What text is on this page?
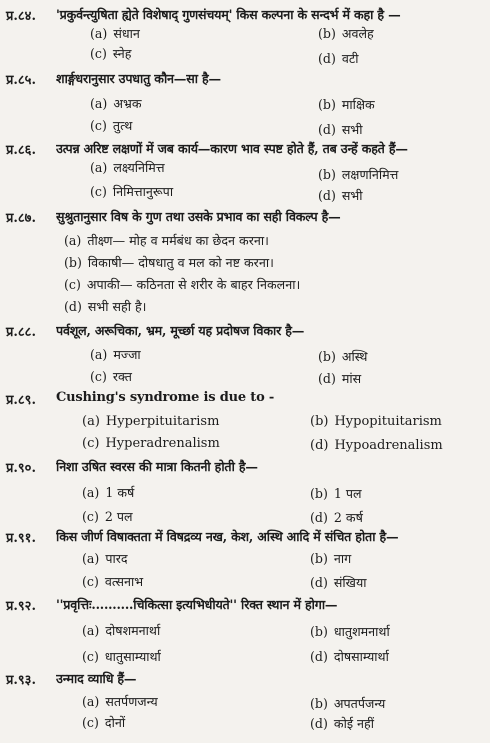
प्र.८४. 'प्रकुर्वन्त्युषिता ह्येते विशेषाद् गुणसंचयम्' किस कल्पना के सन्दर्भ में कहा है —
(a) संधान	(b) अवलेह
(c) स्नेह	(d) वटी
प्र.८५. शार्ङ्गधरानुसार उपधातु कौन—सा है—
(a) अभ्रक	(b) माक्षिक
(c) तुत्थ	(d) सभी
प्र.८६. उत्पन्न अरिष्ट लक्षणों में जब कार्य—कारण भाव स्पष्ट होते हैं, तब उन्हें कहते हैं—
(a) लक्ष्यनिमित्त	(b) लक्षणनिमित्त
(c) निमित्तानुरूपा	(d) सभी
प्र.८७. सुश्रुतानुसार विष के गुण तथा उसके प्रभाव का सही विकल्प है—
(a) तीक्ष्ण— मोह व मर्मबंध का छेदन करना।
(b) विकाषी— दोषधातु व मल को नष्ट करना।
(c) अपाकी— कठिनता से शरीर के बाहर निकलना।
(d) सभी सही है।
प्र.८८. पर्वशूल, अरूचिका, भ्रम, मूर्च्छा यह प्रदोषज विकार है—
(a) मज्जा	(b) अस्थि
(c) रक्त	(d) मांस
प्र.८९. Cushing's syndrome is due to -
(a) Hyperpituitarism	(b) Hypopituitarism
(c) Hyperadrenalism	(d) Hypoadrenalism
प्र.९०. निशा उषित स्वरस की मात्रा कितनी होती है—
(a) 1 कर्ष	(b) 1 पल
(c) 2 पल	(d) 2 कर्ष
प्र.९१. किस जीर्ण विषाक्तता में विषद्रव्य नख, केश, अस्थि आदि में संचित होता है—
(a) पारद	(b) नाग
(c) वत्सनाभ	(d) संखिया
प्र.९२. ''प्रवृत्तिः..........चिकित्सा इत्यभिधीयते'' रिक्त स्थान में होगा—
(a) दोषशमनार्था	(b) धातुशमनार्था
(c) धातुसाम्यार्था	(d) दोषसाम्यार्था
प्र.९३. उन्माद व्याधि हैं—
(a) सतर्पणजन्य	(b) अपतर्पजन्य
(c) दोनों	(d) कोई नहीं
